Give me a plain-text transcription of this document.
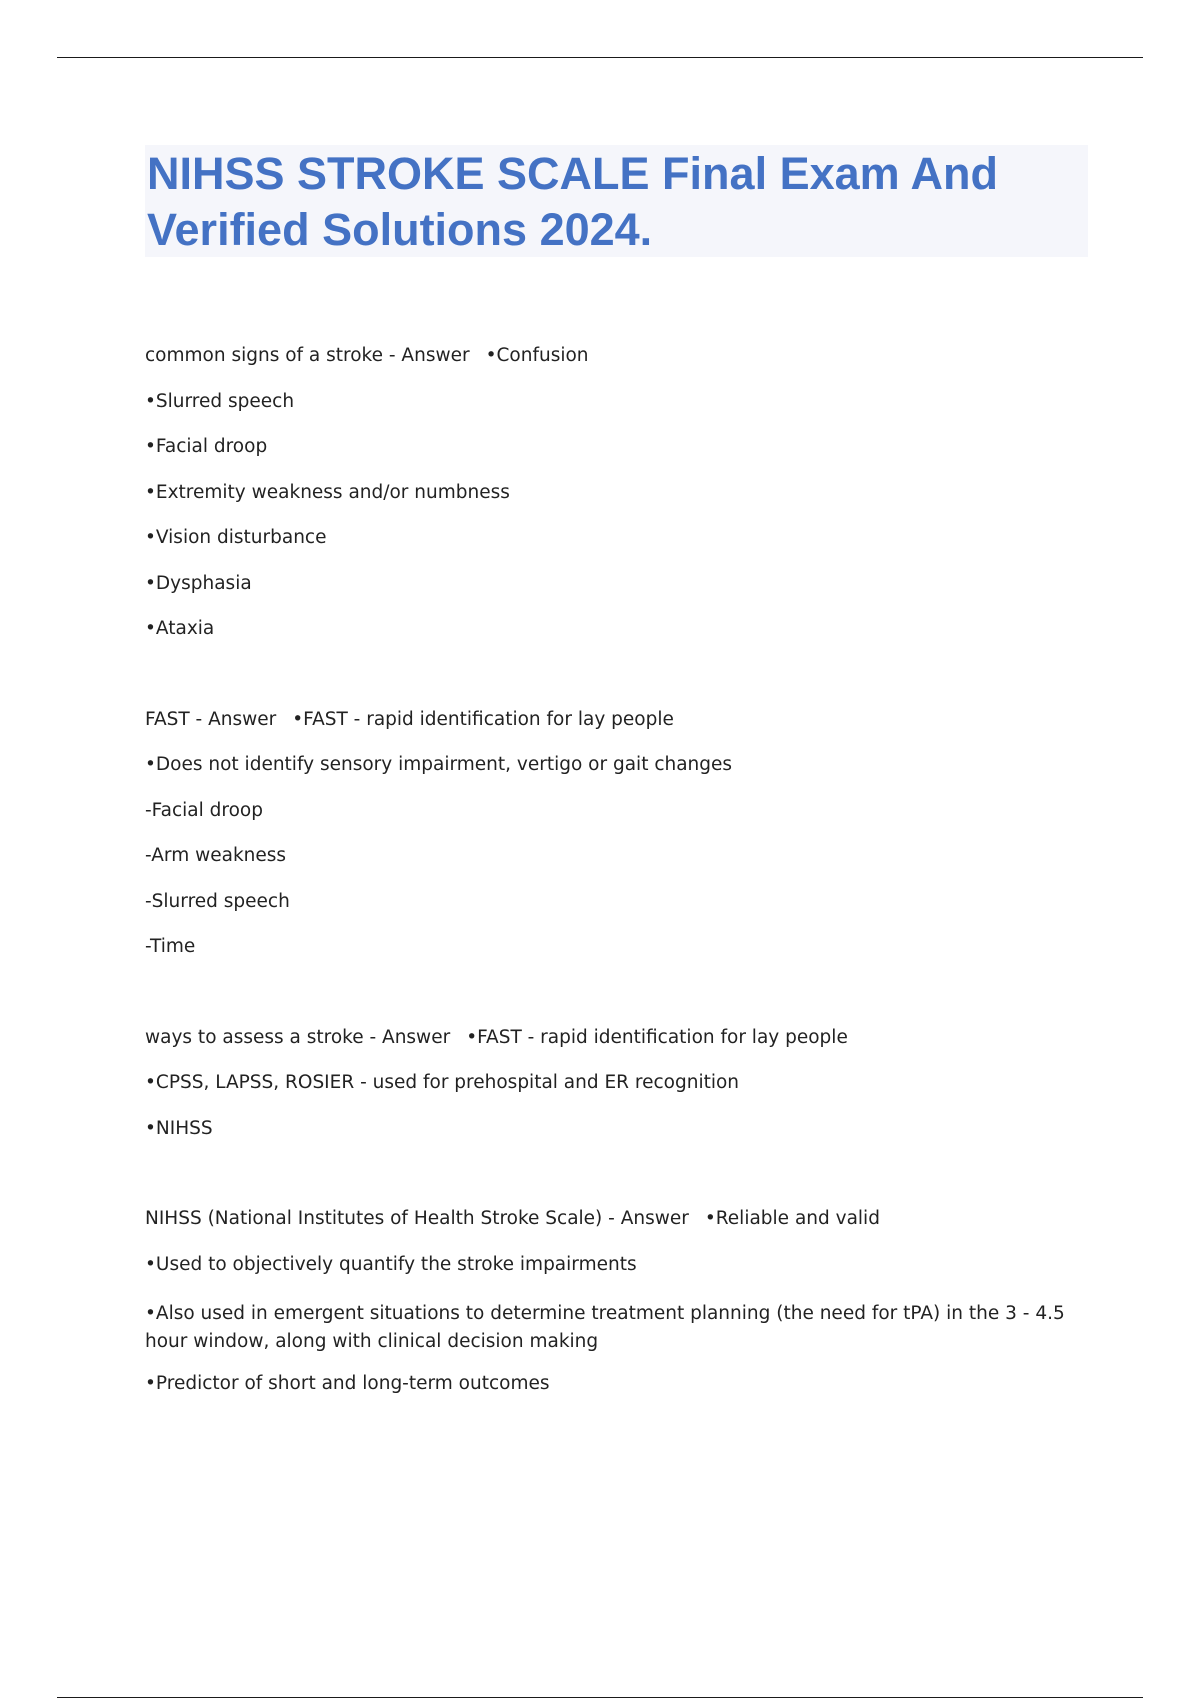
NIHSS STROKE SCALE Final Exam And Verified Solutions 2024.
common signs of a stroke - Answer •Confusion
•Slurred speech
•Facial droop
•Extremity weakness and/or numbness
•Vision disturbance
•Dysphasia
•Ataxia
FAST - Answer •FAST - rapid identification for lay people
•Does not identify sensory impairment, vertigo or gait changes
-Facial droop
-Arm weakness
-Slurred speech
-Time
ways to assess a stroke - Answer •FAST - rapid identification for lay people
•CPSS, LAPSS, ROSIER - used for prehospital and ER recognition
•NIHSS
NIHSS (National Institutes of Health Stroke Scale) - Answer •Reliable and valid
•Used to objectively quantify the stroke impairments
•Also used in emergent situations to determine treatment planning (the need for tPA) in the 3 - 4.5 hour window, along with clinical decision making
•Predictor of short and long-term outcomes
